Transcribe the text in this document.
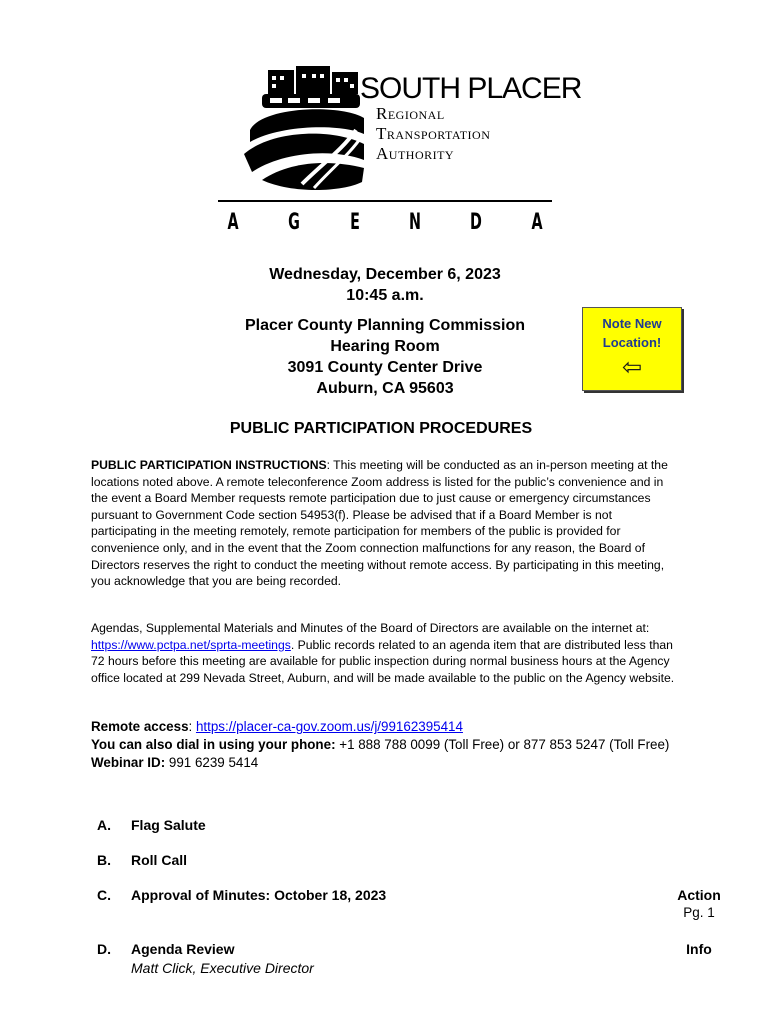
SOUTH PLACER
Regional
Transportation
Authority
A G E N D A
Wednesday, December 6, 2023
10:45 a.m.
Placer County Planning Commission
Hearing Room
3091 County Center Drive
Auburn, CA 95603
Note New
Location!
⇦
PUBLIC PARTICIPATION PROCEDURES
PUBLIC PARTICIPATION INSTRUCTIONS: This meeting will be conducted as an in-person meeting at the locations noted above. A remote teleconference Zoom address is listed for the public’s convenience and in the event a Board Member requests remote participation due to just cause or emergency circumstances pursuant to Government Code section 54953(f). Please be advised that if a Board Member is not participating in the meeting remotely, remote participation for members of the public is provided for convenience only, and in the event that the Zoom connection malfunctions for any reason, the Board of Directors reserves the right to conduct the meeting without remote access. By participating in this meeting, you acknowledge that you are being recorded.
Agendas, Supplemental Materials and Minutes of the Board of Directors are available on the internet at: https://www.pctpa.net/sprta-meetings. Public records related to an agenda item that are distributed less than 72 hours before this meeting are available for public inspection during normal business hours at the Agency office located at 299 Nevada Street, Auburn, and will be made available to the public on the Agency website.
Remote access: https://placer-ca-gov.zoom.us/j/99162395414
You can also dial in using your phone: +1 888 788 0099 (Toll Free) or 877 853 5247 (Toll Free)
Webinar ID: 991 6239 5414
A. Flag Salute
B. Roll Call
C. Approval of Minutes: October 18, 2023	Action
Pg. 1
D. Agenda Review
Matt Click, Executive Director
Info
